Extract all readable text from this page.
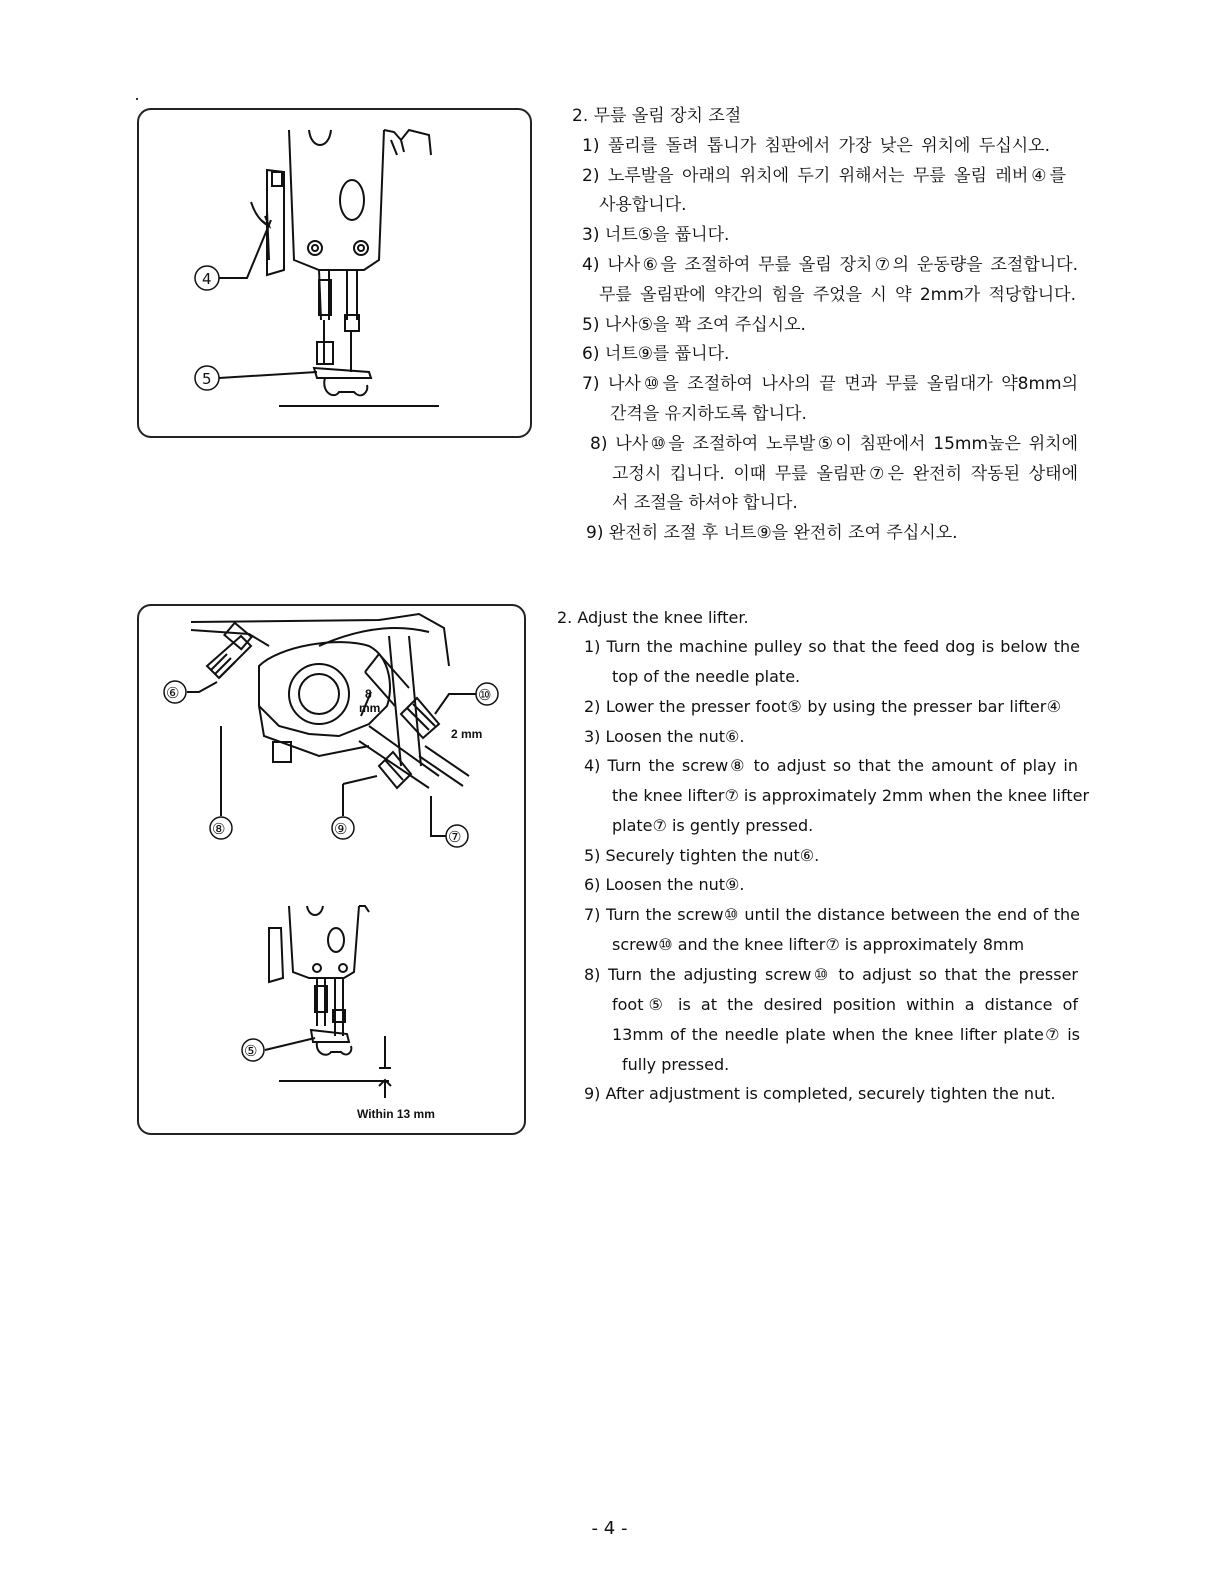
4
5
2. 무릎 올림 장치 조절
1) 풀리를 돌려 톱니가 침판에서 가장 낮은 위치에 두십시오.
2) 노루발을 아래의 위치에 두기 위해서는 무릎 올림 레버④를
사용합니다.
3) 너트⑤을 풉니다.
4) 나사⑥을 조절하여 무릎 올림 장치⑦의 운동량을 조절합니다.
무릎 올림판에 약간의 힘을 주었을 시 약 2mm가 적당합니다.
5) 나사⑤을 꽉 조여 주십시오.
6) 너트⑨를 풉니다.
7) 나사⑩을 조절하여 나사의 끝 면과 무릎 올림대가 약8mm의
간격을 유지하도록 합니다.
8) 나사⑩을 조절하여 노루발⑤이 침판에서 15mm높은 위치에
고정시 킵니다. 이때 무릎 올림판⑦은 완전히 작동된 상태에
서 조절을 하셔야 합니다.
9) 완전히 조절 후 너트⑨을 완전히 조여 주십시오.
⑥	⑩
⑧	⑨	⑦
8
mm
2 mm
⑤
Within 13 mm
2. Adjust the knee lifter.
1) Turn the machine pulley so that the feed dog is below the
top of the needle plate.
2) Lower the presser foot⑤ by using the presser bar lifter④
3) Loosen the nut⑥.
4) Turn the screw⑧ to adjust so that the amount of play in
the knee lifter⑦ is approximately 2mm when the knee lifter
plate⑦ is gently pressed.
5) Securely tighten the nut⑥.
6) Loosen the nut⑨.
7) Turn the screw⑩ until the distance between the end of the
screw⑩ and the knee lifter⑦ is approximately 8mm
8) Turn the adjusting screw⑩ to adjust so that the presser
foot⑤ is at the desired position within a distance of
13mm of the needle plate when the knee lifter plate⑦ is
fully pressed.
9) After adjustment is completed, securely tighten the nut.
- 4 -
